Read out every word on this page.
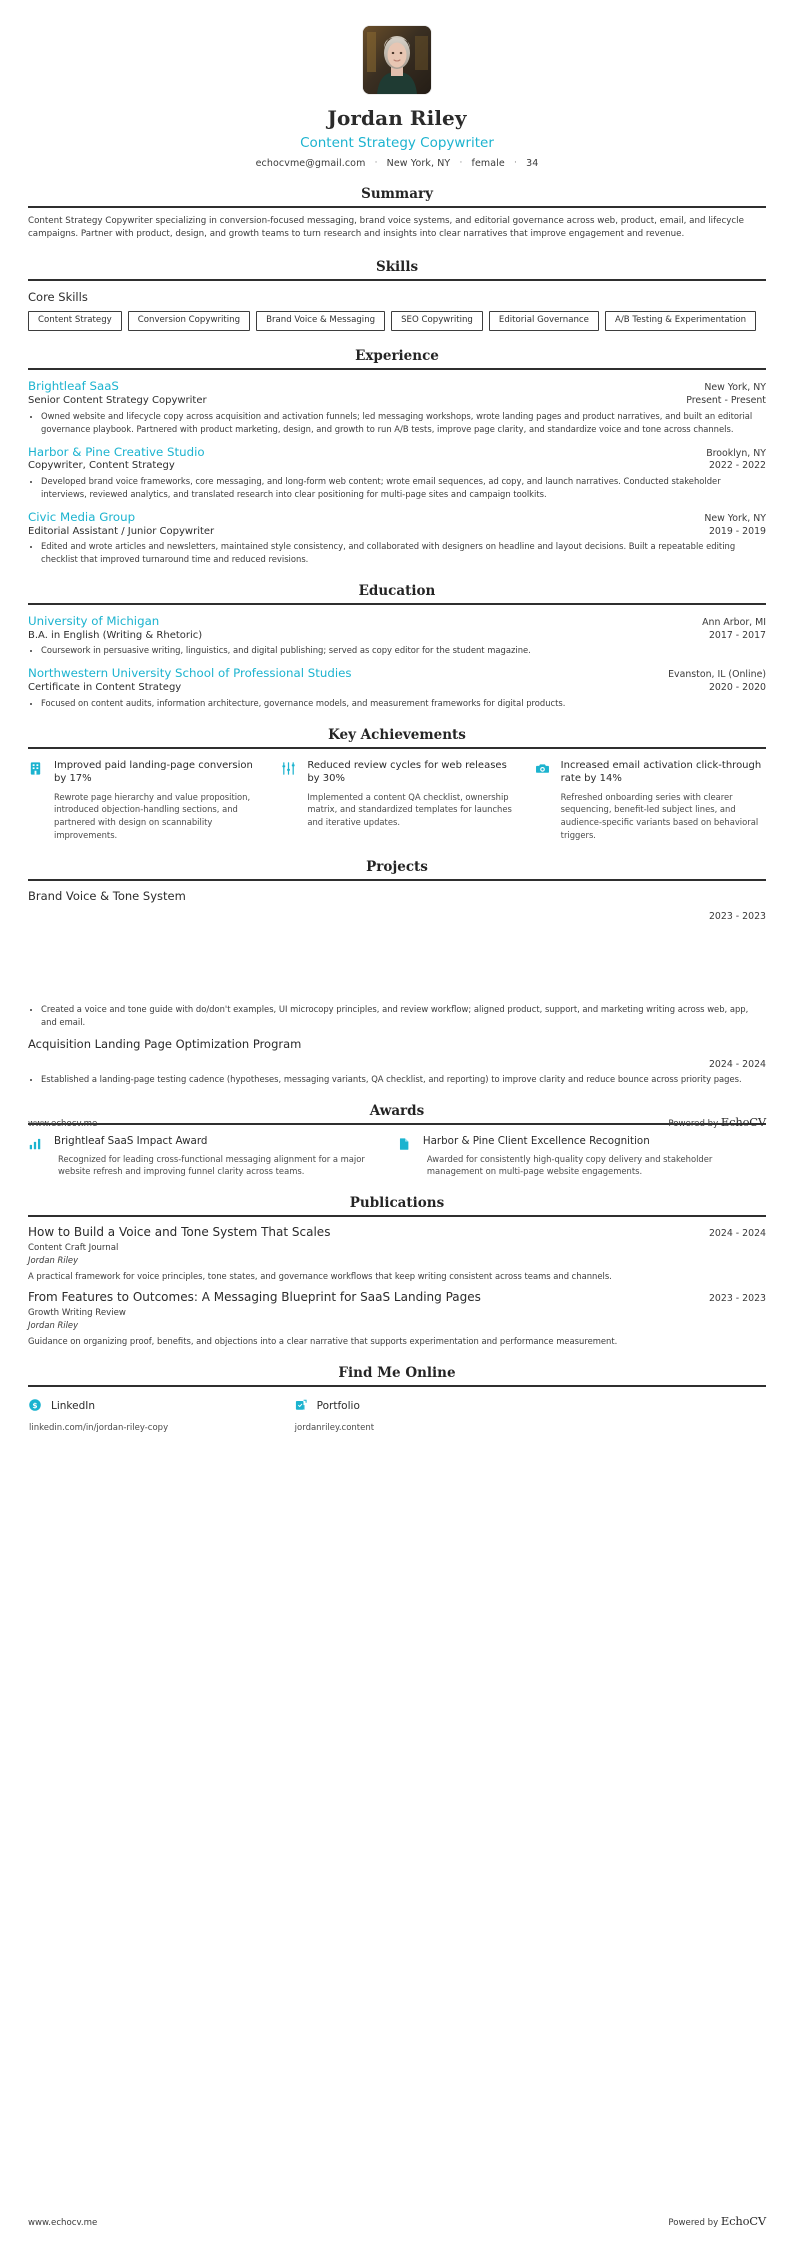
Jordan Riley
Content Strategy Copywriter
echocvme@gmail.com · New York, NY · female · 34
Summary
Content Strategy Copywriter specializing in conversion-focused messaging, brand voice systems, and editorial governance across web, product, email, and lifecycle campaigns. Partner with product, design, and growth teams to turn research and insights into clear narratives that improve engagement and revenue.
Skills
Core Skills
Content Strategy	Conversion Copywriting	Brand Voice & Messaging	SEO Copywriting	Editorial Governance	A/B Testing & Experimentation
Experience
Brightleaf SaaS	New York, NY
Senior Content Strategy Copywriter	Present - Present
• Owned website and lifecycle copy across acquisition and activation funnels; led messaging workshops, wrote landing pages and product narratives, and built an editorial governance playbook. Partnered with product marketing, design, and growth to run A/B tests, improve page clarity, and standardize voice and tone across channels.
Harbor & Pine Creative Studio	Brooklyn, NY
Copywriter, Content Strategy	2022 - 2022
• Developed brand voice frameworks, core messaging, and long-form web content; wrote email sequences, ad copy, and launch narratives. Conducted stakeholder interviews, reviewed analytics, and translated research into clear positioning for multi-page sites and campaign toolkits.
Civic Media Group	New York, NY
Editorial Assistant / Junior Copywriter	2019 - 2019
• Edited and wrote articles and newsletters, maintained style consistency, and collaborated with designers on headline and layout decisions. Built a repeatable editing checklist that improved turnaround time and reduced revisions.
Education
University of Michigan	Ann Arbor, MI
B.A. in English (Writing & Rhetoric)	2017 - 2017
• Coursework in persuasive writing, linguistics, and digital publishing; served as copy editor for the student magazine.
Northwestern University School of Professional Studies	Evanston, IL (Online)
Certificate in Content Strategy	2020 - 2020
• Focused on content audits, information architecture, governance models, and measurement frameworks for digital products.
Key Achievements
Improved paid landing-page conversion by 17%
Rewrote page hierarchy and value proposition, introduced objection-handling sections, and partnered with design on scannability improvements.
Reduced review cycles for web releases by 30%
Implemented a content QA checklist, ownership matrix, and standardized templates for launches and iterative updates.
Increased email activation click-through rate by 14%
Refreshed onboarding series with clearer sequencing, benefit-led subject lines, and audience-specific variants based on behavioral triggers.
Projects
Brand Voice & Tone System
2023 - 2023
• Created a voice and tone guide with do/don't examples, UI microcopy principles, and review workflow; aligned product, support, and marketing writing across web, app, and email.
Acquisition Landing Page Optimization Program
2024 - 2024
• Established a landing-page testing cadence (hypotheses, messaging variants, QA checklist, and reporting) to improve clarity and reduce bounce across priority pages.
Awards
Brightleaf SaaS Impact Award
Recognized for leading cross-functional messaging alignment for a major website refresh and improving funnel clarity across teams.
Harbor & Pine Client Excellence Recognition
Awarded for consistently high-quality copy delivery and stakeholder management on multi-page website engagements.
Publications
How to Build a Voice and Tone System That Scales	2024 - 2024
Content Craft Journal
Jordan Riley
A practical framework for voice principles, tone states, and governance workflows that keep writing consistent across teams and channels.
From Features to Outcomes: A Messaging Blueprint for SaaS Landing Pages	2023 - 2023
Growth Writing Review
Jordan Riley
Guidance on organizing proof, benefits, and objections into a clear narrative that supports experimentation and performance measurement.
Find Me Online
$ LinkedIn
linkedin.com/in/jordan-riley-copy
Portfolio
jordanriley.content
www.echocv.me	Powered by EchoCV
www.echocv.me	Powered by EchoCV
